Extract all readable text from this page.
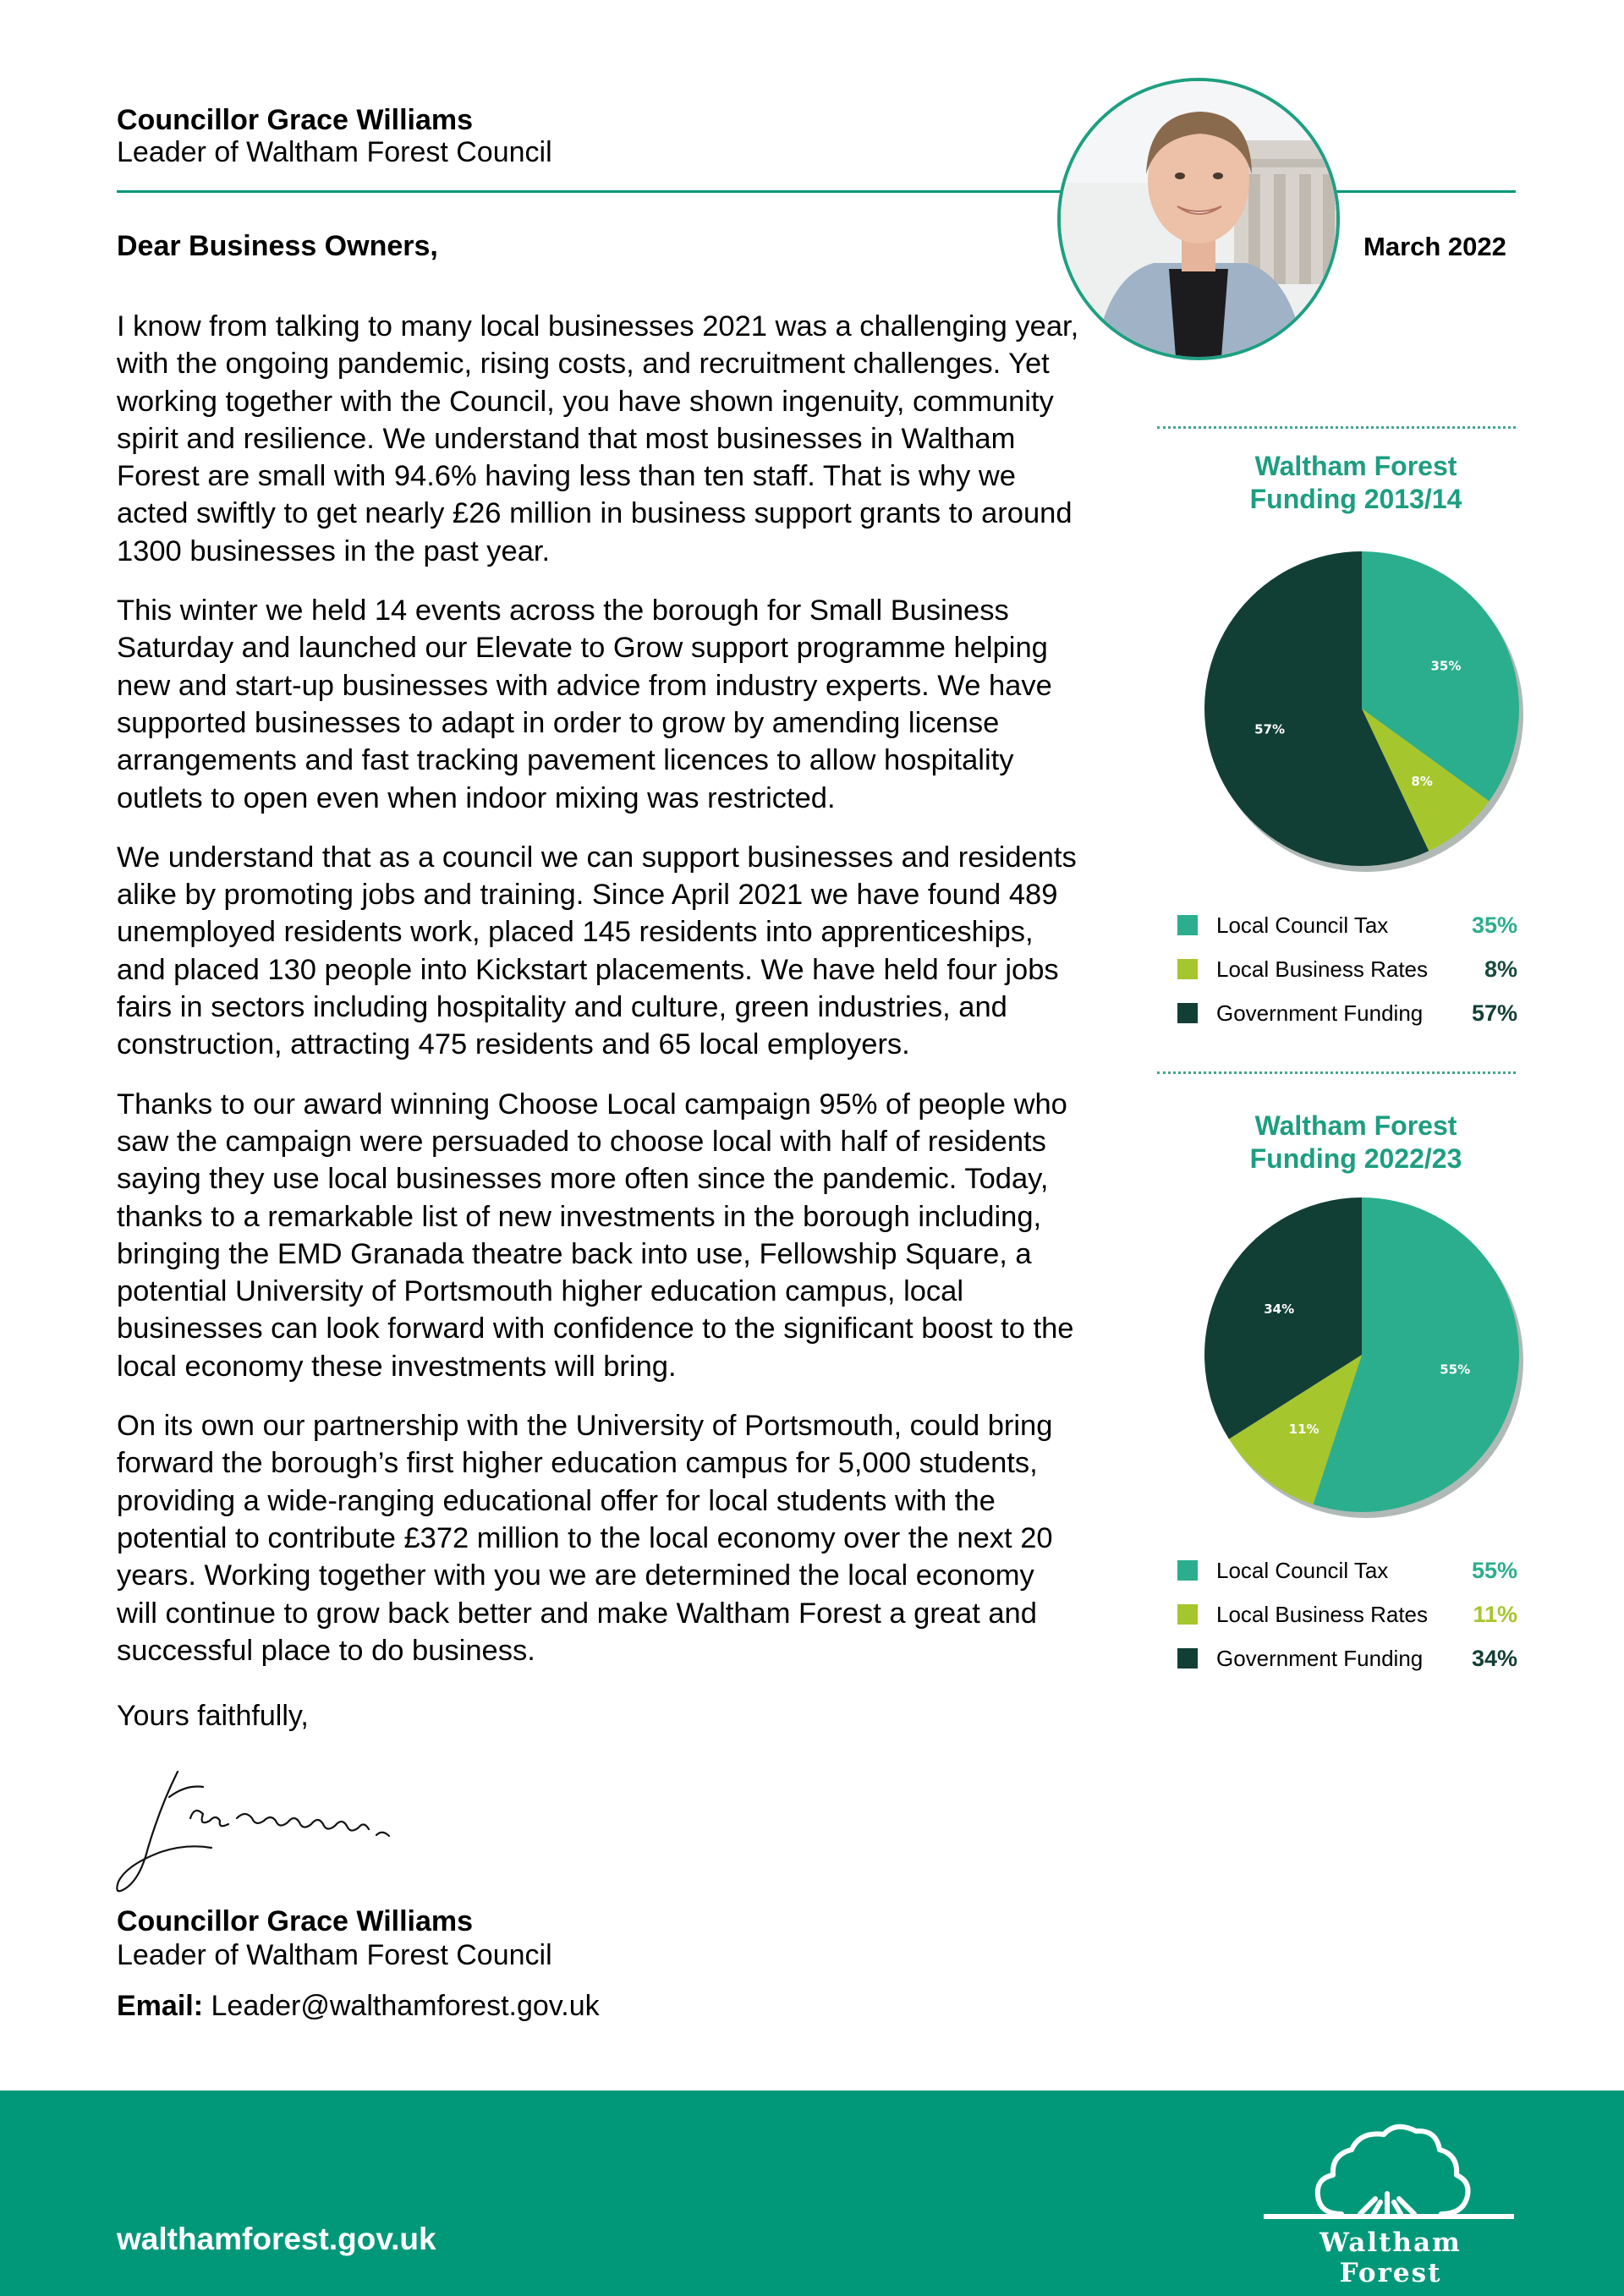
Councillor Grace Williams
Leader of Waltham Forest Council
March 2022
Dear Business Owners,

I know from talking to many local businesses 2021 was a challenging year, with the ongoing pandemic, rising costs, and recruitment challenges. Yet working together with the Council, you have shown ingenuity, community spirit and resilience. We understand that most businesses in Waltham Forest are small with 94.6% having less than ten staff. That is why we acted swiftly to get nearly £26 million in business support grants to around 1300 businesses in the past year.

This winter we held 14 events across the borough for Small Business Saturday and launched our Elevate to Grow support programme helping new and start-up businesses with advice from industry experts. We have supported businesses to adapt in order to grow by amending license arrangements and fast tracking pavement licences to allow hospitality outlets to open even when indoor mixing was restricted.

We understand that as a council we can support businesses and residents alike by promoting jobs and training. Since April 2021 we have found 489 unemployed residents work, placed 145 residents into apprenticeships, and placed 130 people into Kickstart placements. We have held four jobs fairs in sectors including hospitality and culture, green industries, and construction, attracting 475 residents and 65 local employers.

Thanks to our award winning Choose Local campaign 95% of people who saw the campaign were persuaded to choose local with half of residents saying they use local businesses more often since the pandemic. Today, thanks to a remarkable list of new investments in the borough including, bringing the EMD Granada theatre back into use, Fellowship Square, a potential University of Portsmouth higher education campus, local businesses can look forward with confidence to the significant boost to the local economy these investments will bring.

On its own our partnership with the University of Portsmouth, could bring forward the borough’s first higher education campus for 5,000 students, providing a wide-ranging educational offer for local students with the potential to contribute £372 million to the local economy over the next 20 years. Working together with you we are determined the local economy will continue to grow back better and make Waltham Forest a great and successful place to do business.

Yours faithfully,
Councillor Grace Williams
Leader of Waltham Forest Council
Email: Leader@walthamforest.gov.uk
Waltham Forest Funding 2013/14
35%
8%
57%
Local Council Tax	35%
Local Business Rates 8%
Government Funding 57%
Waltham Forest Funding 2022/23
55%
11%
34%
Local Council Tax	55%
Local Business Rates 11%
Government Funding 34%
walthamforest.gov.uk	Waltham Forest
